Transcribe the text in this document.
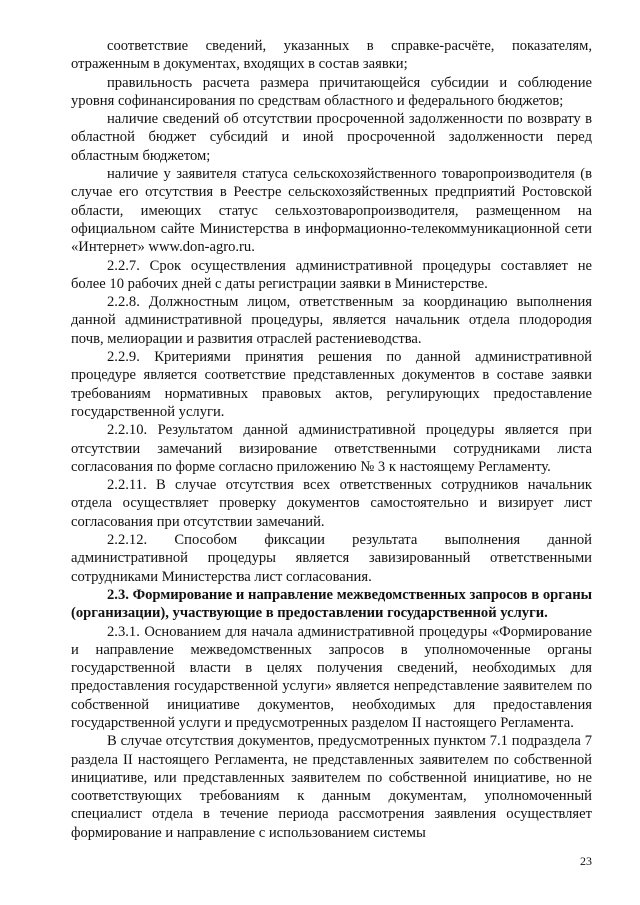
соответствие сведений, указанных в справке-расчёте, показателям, отраженным в документах, входящих в состав заявки;

правильность расчета размера причитающейся субсидии и соблюдение уровня софинансирования по средствам областного и федерального бюджетов;

наличие сведений об отсутствии просроченной задолженности по возврату в областной бюджет субсидий и иной просроченной задолженности перед областным бюджетом;

наличие у заявителя статуса сельскохозяйственного товаропроизводителя (в случае его отсутствия в Реестре сельскохозяйственных предприятий Ростовской области, имеющих статус сельхозтоваропроизводителя, размещенном на официальном сайте Министерства в информационно-телекоммуникационной сети «Интернет» www.don-agro.ru.

2.2.7. Срок осуществления административной процедуры составляет не более 10 рабочих дней с даты регистрации заявки в Министерстве.

2.2.8. Должностным лицом, ответственным за координацию выполнения данной административной процедуры, является начальник отдела плодородия почв, мелиорации и развития отраслей растениеводства.

2.2.9. Критериями принятия решения по данной административной процедуре является соответствие представленных документов в составе заявки требованиям нормативных правовых актов, регулирующих предоставление государственной услуги.

2.2.10. Результатом данной административной процедуры является при отсутствии замечаний визирование ответственными сотрудниками листа согласования по форме согласно приложению № 3 к настоящему Регламенту.

2.2.11. В случае отсутствия всех ответственных сотрудников начальник отдела осуществляет проверку документов самостоятельно и визирует лист согласования при отсутствии замечаний.

2.2.12. Способом фиксации результата выполнения данной административной процедуры является завизированный ответственными сотрудниками Министерства лист согласования.

2.3. Формирование и направление межведомственных запросов в органы (организации), участвующие в предоставлении государственной услуги.

2.3.1. Основанием для начала административной процедуры «Формирование и направление межведомственных запросов в уполномоченные органы государственной власти в целях получения сведений, необходимых для предоставления государственной услуги» является непредставление заявителем по собственной инициативе документов, необходимых для предоставления государственной услуги и предусмотренных разделом II настоящего Регламента.

В случае отсутствия документов, предусмотренных пунктом 7.1 подраздела 7 раздела II настоящего Регламента, не представленных заявителем по собственной инициативе, или представленных заявителем по собственной инициативе, но не соответствующих требованиям к данным документам, уполномоченный специалист отдела в течение периода рассмотрения заявления осуществляет формирование и направление с использованием системы

23
